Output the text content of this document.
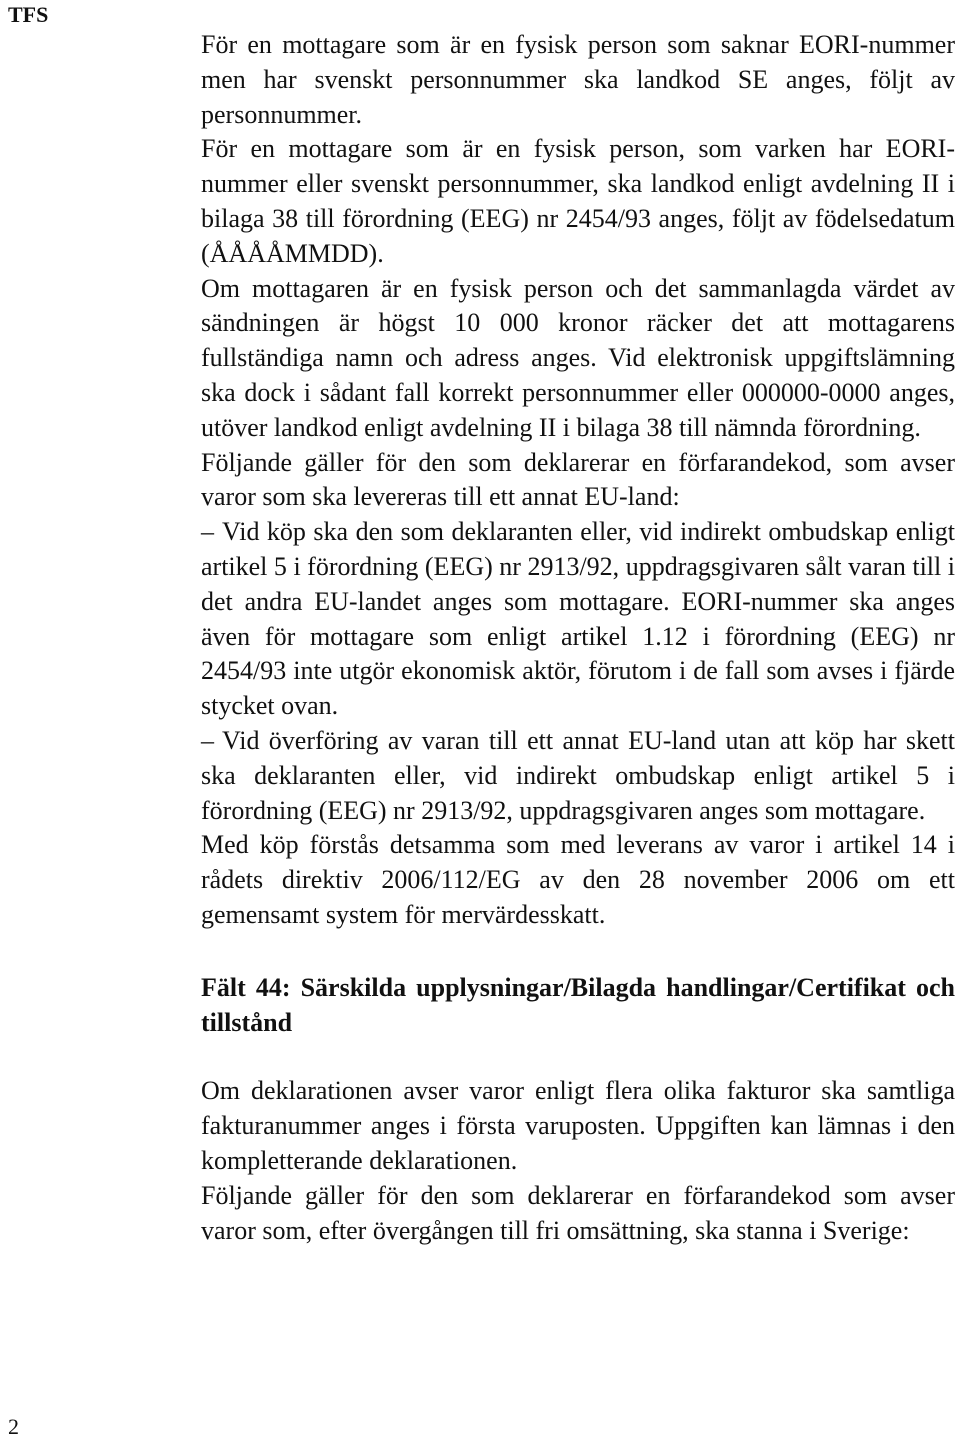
TFS

För en mottagare som är en fysisk person som saknar EORI-nummer men har svenskt personnummer ska landkod SE anges, följt av personnummer.

För en mottagare som är en fysisk person, som varken har EORI-nummer eller svenskt personnummer, ska landkod enligt avdelning II i bilaga 38 till förordning (EEG) nr 2454/93 anges, följt av födelsedatum (ÅÅÅÅMMDD).

Om mottagaren är en fysisk person och det sammanlagda värdet av sändningen är högst 10 000 kronor räcker det att mottagarens fullständiga namn och adress anges. Vid elektronisk uppgiftslämning ska dock i sådant fall korrekt personnummer eller 000000-0000 anges, utöver landkod enligt avdelning II i bilaga 38 till nämnda förordning.

Följande gäller för den som deklarerar en förfarandekod, som avser varor som ska levereras till ett annat EU-land:

– Vid köp ska den som deklaranten eller, vid indirekt ombudskap enligt artikel 5 i förordning (EEG) nr 2913/92, uppdragsgivaren sålt varan till i det andra EU-landet anges som mottagare. EORI-nummer ska anges även för mottagare som enligt artikel 1.12 i förordning (EEG) nr 2454/93 inte utgör ekonomisk aktör, förutom i de fall som avses i fjärde stycket ovan.

– Vid överföring av varan till ett annat EU-land utan att köp har skett ska deklaranten eller, vid indirekt ombudskap enligt artikel 5 i förordning (EEG) nr 2913/92, uppdragsgivaren anges som mottagare.

Med köp förstås detsamma som med leverans av varor i artikel 14 i rådets direktiv 2006/112/EG av den 28 november 2006 om ett gemensamt system för mervärdesskatt.

Fält 44: Särskilda upplysningar/Bilagda handlingar/Certifikat och tillstånd

Om deklarationen avser varor enligt flera olika fakturor ska samtliga fakturanummer anges i första varuposten. Uppgiften kan lämnas i den kompletterande deklarationen.

Följande gäller för den som deklarerar en förfarandekod som avser varor som, efter övergången till fri omsättning, ska stanna i Sverige:

2
